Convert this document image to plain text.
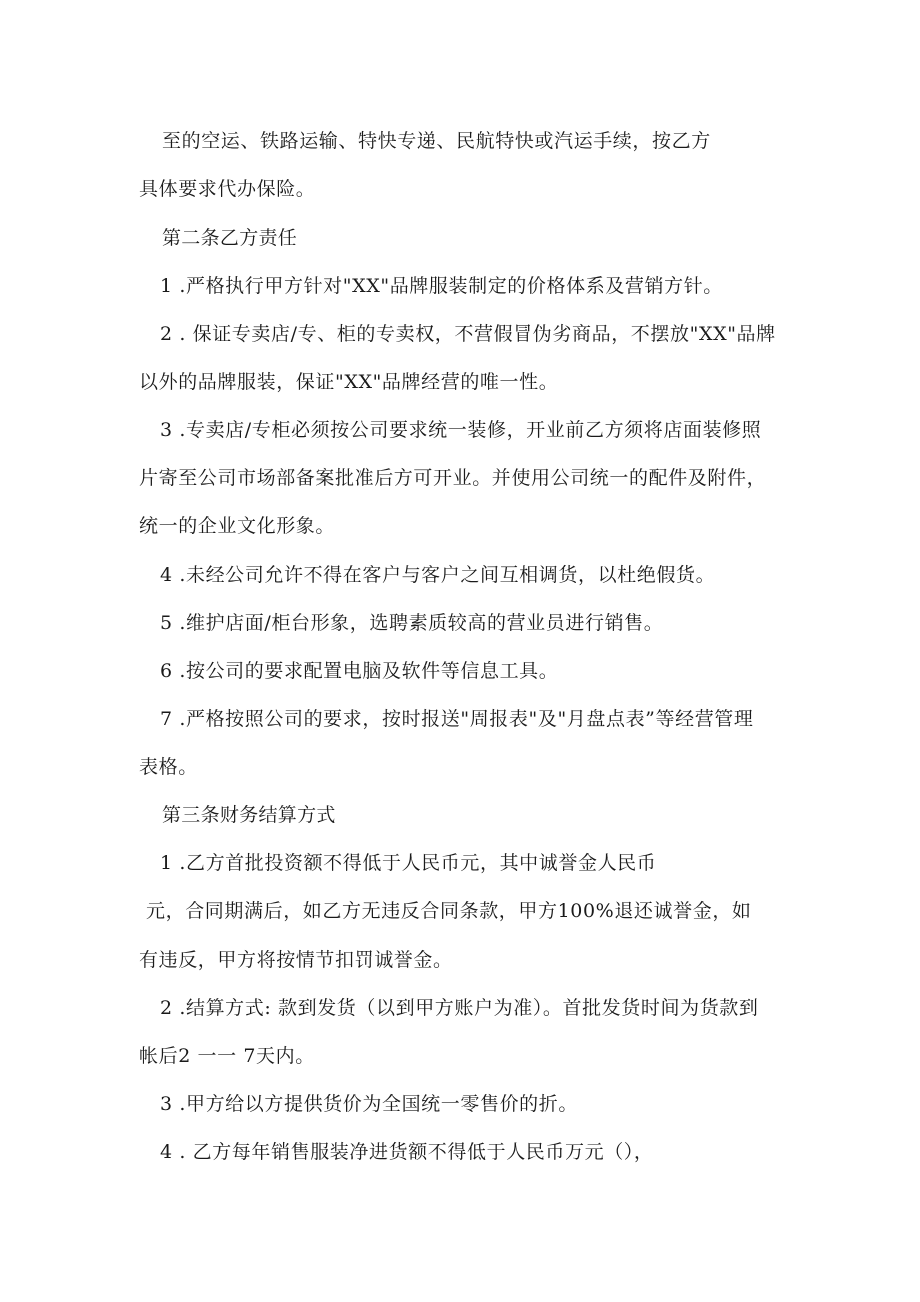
至的空运、铁路运输、特快专递、民航特快或汽运手续，按乙方
具体要求代办保险。
第二条乙方责任
1 .严格执行甲方针对"XX"品牌服装制定的价格体系及营销方针。
2 . 保证专卖店/专、柜的专卖权，不营假冒伪劣商品，不摆放"XX"品牌
以外的品牌服装，保证"XX"品牌经营的唯一性。
3 .专卖店/专柜必须按公司要求统一装修，开业前乙方须将店面装修照
片寄至公司市场部备案批准后方可开业。并使用公司统一的配件及附件，
统一的企业文化形象。
4 .未经公司允许不得在客户与客户之间互相调货，以杜绝假货。
5 .维护店面/柜台形象，选聘素质较高的营业员进行销售。
6 .按公司的要求配置电脑及软件等信息工具。
7 .严格按照公司的要求，按时报送"周报表"及"月盘点表”等经营管理
表格。
第三条财务结算方式
1 .乙方首批投资额不得低于人民币元，其中诚誉金人民币
元，合同期满后，如乙方无违反合同条款，甲方100%退还诚誉金，如
有违反，甲方将按情节扣罚诚誉金。
2 .结算方式: 款到发货（以到甲方账户为准）。首批发货时间为货款到
帐后2 一一 7天内。
3 .甲方给以方提供货价为全国统一零售价的折。
4 . 乙方每年销售服装净进货额不得低于人民币万元（），
